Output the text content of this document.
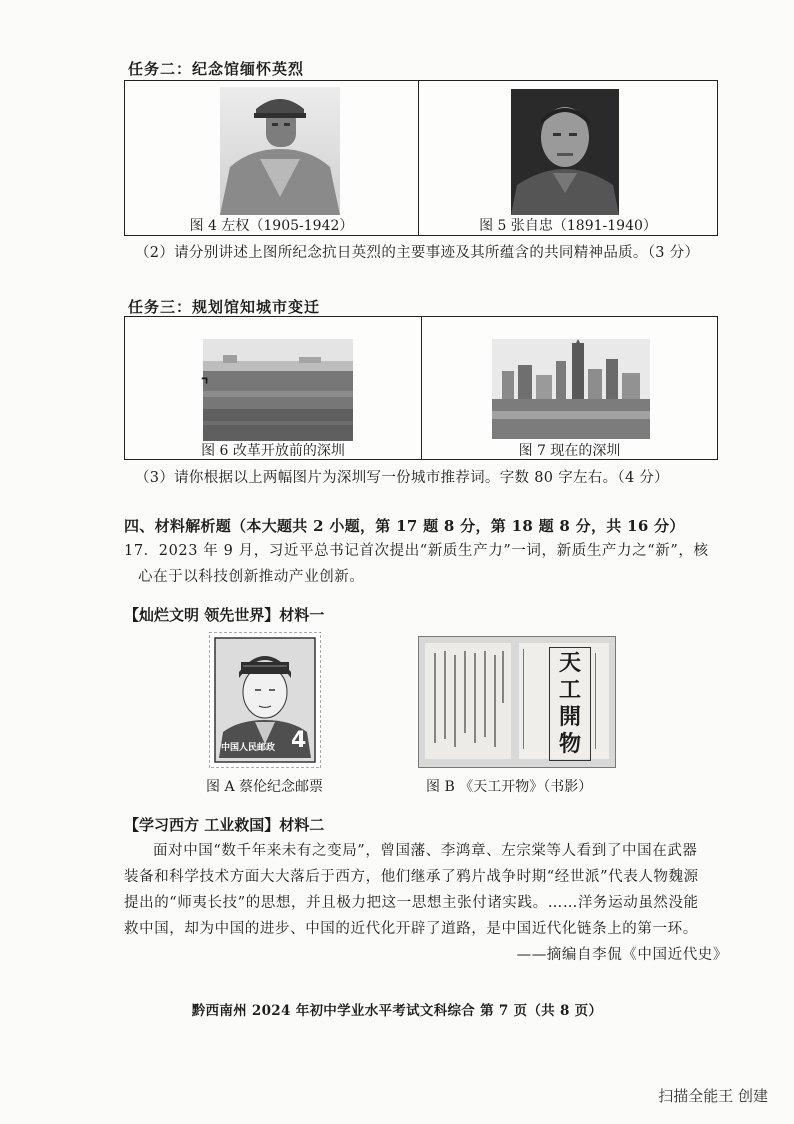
任务二：纪念馆缅怀英烈
图 4 左权（1905-1942）	图 5 张自忠（1891-1940）
（2）请分别讲述上图所纪念抗日英烈的主要事迹及其所蕴含的共同精神品质。（3 分）
任务三：规划馆知城市变迁
⌝
图 6 改革开放前的深圳	图 7 现在的深圳
（3）请你根据以上两幅图片为深圳写一份城市推荐词。字数 80 字左右。（4 分）
四、材料解析题（本大题共 2 小题，第 17 题 8 分，第 18 题 8 分，共 16 分）
17．2023 年 9 月，习近平总书记首次提出“新质生产力”一词，新质生产力之“新”，核
心在于以科技创新推动产业创新。
【灿烂文明 领先世界】材料一
中国人民邮政 4
图 A 蔡伦纪念邮票
天
工
開
物
图 B 《天工开物》（书影）
【学习西方 工业救国】材料二
面对中国“数千年来未有之变局”，曾国藩、李鸿章、左宗棠等人看到了中国在武器
装备和科学技术方面大大落后于西方，他们继承了鸦片战争时期“经世派”代表人物魏源
提出的“师夷长技”的思想，并且极力把这一思想主张付诸实践。……洋务运动虽然没能
救中国，却为中国的进步、中国的近代化开辟了道路，是中国近代化链条上的第一环。
——摘编自李侃《中国近代史》
黔西南州 2024 年初中学业水平考试文科综合 第 7 页（共 8 页）
扫描全能王 创建
